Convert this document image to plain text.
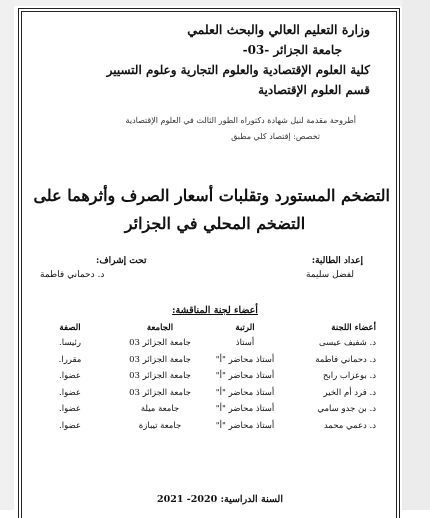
وزارة التعليم العالي والبحث العلمي
جامعة الجزائر -03-
كلية العلوم الإقتصادية والعلوم التجارية وعلوم التسيير
قسم العلوم الإقتصادية
أطروحة مقدمة لنيل شهادة دكتوراه الطور الثالث في العلوم الإقتصادية
تخصص: إقتصاد كلي مطبق
التضخم المستورد وتقلبات أسعار الصرف وأثرهما على
التضخم المحلي في الجزائر
إعداد الطالبة:
لفضل سليمة
تحت إشراف:
د. دحماني فاطمة
أعضاء لجنة المناقشة:
أعضاء اللجنة	الرتبة	الجامعة	الصفة
د. شفيف عيسى	أستاذ	جامعة الجزائر 03	رئيسا.
د. دحماني فاطمة	أستاذ محاضر "أ"	جامعة الجزائر 03	مقررا.
د. بوعزاب رابح	أستاذ محاضر "أ"	جامعة الجزائر 03	عضوا.
د. فرد أم الخير	أستاذ محاضر "أ"	جامعة الجزائر 03	عضوا.
د. بن جدو سامي	أستاذ محاضر "أ"	جامعة ميلة	عضوا.
د. دعمي محمد	أستاذ محاضر "أ"	جامعة تيبازة	عضوا.
السنة الدراسية: 2020- 2021
